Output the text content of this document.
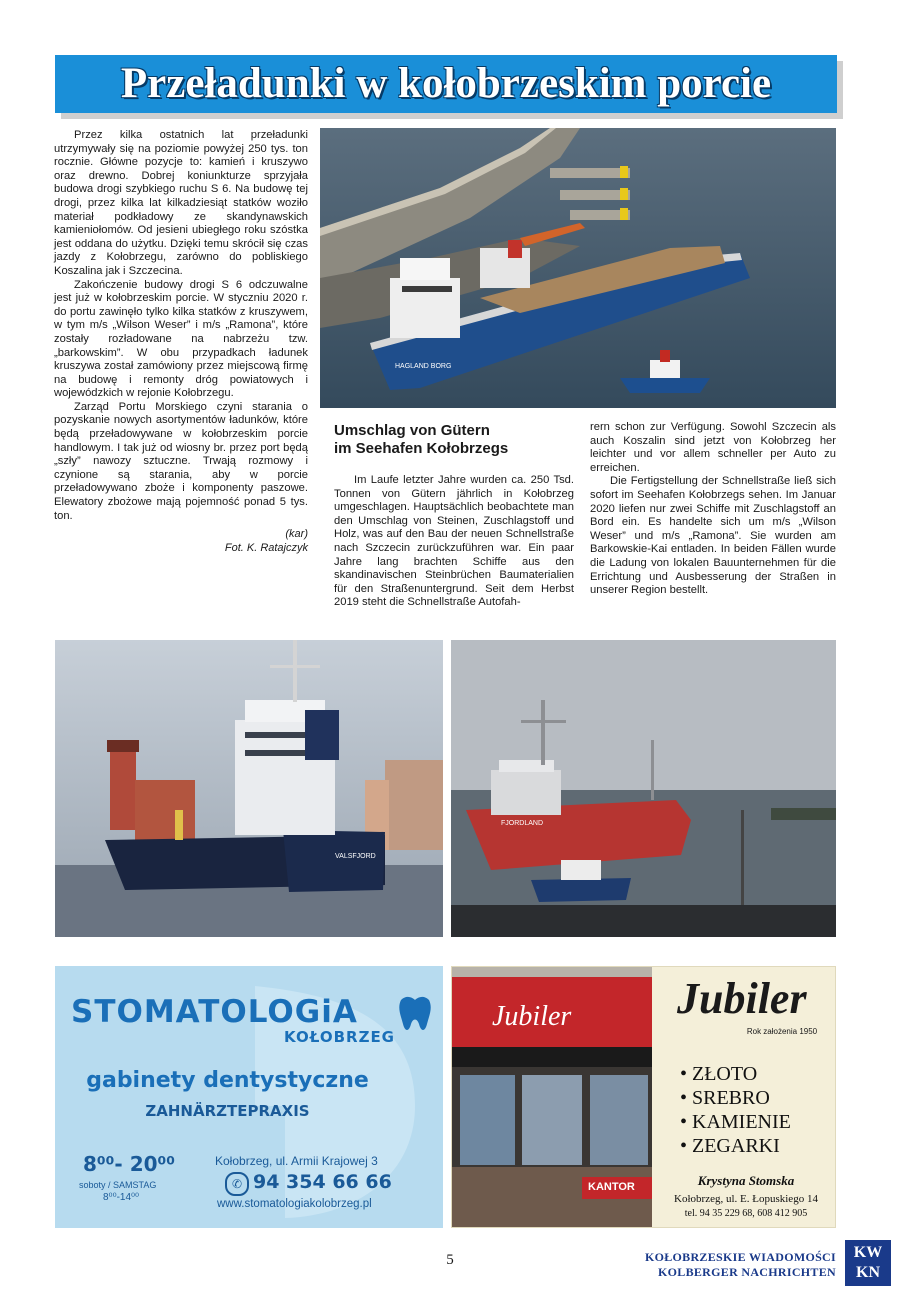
Przeładunki w kołobrzeskim porcie

Przez kilka ostatnich lat przeładunki utrzymywały się na poziomie powyżej 250 tys. ton rocznie. Główne pozycje to: kamień i kruszywo oraz drewno. Dobrej koniunkturze sprzyjała budowa drogi szybkiego ruchu S 6. Na budowę tej drogi, przez kilka lat kilkadziesiąt statków woziło materiał podkładowy ze skandynawskich kamieniołomów. Od jesieni ubiegłego roku szóstka jest oddana do użytku. Dzięki temu skrócił się czas jazdy z Kołobrzegu, zarówno do pobliskiego Koszalina jak i Szczecina.

Zakończenie budowy drogi S 6 odczuwalne jest już w kołobrzeskim porcie. W styczniu 2020 r. do portu zawinęło tylko kilka statków z kruszywem, w tym m/s „Wilson Weser” i m/s „Ramona”, które zostały rozładowane na nabrzeżu tzw. „barkowskim”. W obu przypadkach ładunek kruszywa został zamówiony przez miejscową firmę na budowę i remonty dróg powiatowych i wojewódzkich w rejonie Kołobrzegu.

Zarząd Portu Morskiego czyni starania o pozyskanie nowych asortymentów ładunków, które będą przeładowywane w kołobrzeskim porcie handlowym. I tak już od wiosny br. przez port będą „szły” nawozy sztuczne. Trwają rozmowy i czynione są starania, aby w porcie przeładowywano zboże i komponenty paszowe. Elewatory zbożowe mają pojemność ponad 5 tys. ton.

(kar)
Fot. K. Ratajczyk
HAGLAND BORG
Umschlag von Gütern
im Seehafen Kołobrzegs

Im Laufe letzter Jahre wurden ca. 250 Tsd. Tonnen von Gütern jährlich in Kołobrzeg umgeschlagen. Hauptsächlich beobachtete man den Umschlag von Steinen, Zuschlagstoff und Holz, was auf den Bau der neuen Schnellstraße nach Szczecin zurückzuführen war. Ein paar Jahre lang brachten Schiffe aus den skandinavischen Steinbrüchen Baumaterialien für den Straßenuntergrund. Seit dem Herbst 2019 steht die Schnellstraße Autofah-

rern schon zur Verfügung. Sowohl Szczecin als auch Koszalin sind jetzt von Kołobrzeg her leichter und vor allem schneller per Auto zu erreichen.

Die Fertigstellung der Schnellstraße ließ sich sofort im Seehafen Kołobrzegs sehen. Im Januar 2020 liefen nur zwei Schiffe mit Zuschlagstoff an Bord ein. Es handelte sich um m/s „Wilson Weser” und m/s „Ramona”. Sie wurden am Barkowskie-Kai entladen. In beiden Fällen wurde die Ladung von lokalen Bauunternehmen für die Errichtung und Ausbesserung der Straßen in unserer Region bestellt.

VALSFJORD
FJORDLAND
STOMATOLOGiA
KOŁOBRZEG
gabinety dentystyczne
ZAHNÄRZTEPRAXIS
8⁰⁰- 20⁰⁰
soboty / SAMSTAG
8⁰⁰-14⁰⁰
Kołobrzeg, ul. Armii Krajowej 3
✆ 94 354 66 66
www.stomatologiakolobrzeg.pl
Jubiler
KANTOR
Jubiler
Rok założenia 1950
• ZŁOTO
• SREBRO
• KAMIENIE
• ZEGARKI
Krystyna Stomska
Kołobrzeg, ul. E. Łopuskiego 14
tel. 94 35 229 68, 608 412 905
5	KOŁOBRZESKIE WIADOMOŚCI
KOLBERGER NACHRICHTEN
KW
KN
